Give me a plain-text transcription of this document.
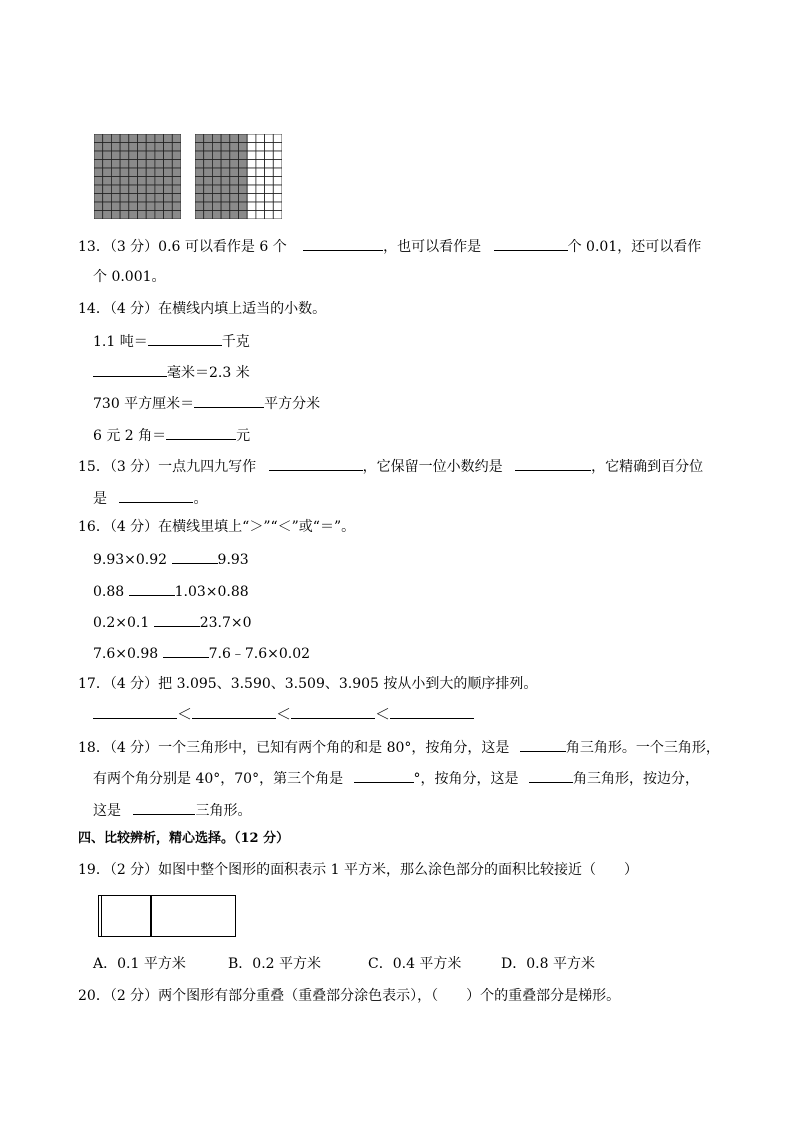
13．（3 分）0.6 可以看作是 6 个	，也可以看作是	个 0.01，还可以看作
个 0.001。
14．（4 分）在横线内填上适当的小数。
1.1 吨＝	千克
毫米＝2.3 米
730 平方厘米＝	平方分米
6 元 2 角＝	元
15．（3 分）一点九四九写作	，它保留一位小数约是	，它精确到百分位
是	。
16．（4 分）在横线里填上“＞”“＜”或“＝”。
9.93×0.92	9.93
0.88	1.03×0.88
0.2×0.1	23.7×0
7.6×0.98	7.6﹣7.6×0.02
17．（4 分）把 3.095、3.590、3.509、3.905 按从小到大的顺序排列。
＜	＜	＜
18．（4 分）一个三角形中，已知有两个角的和是 80°，按角分，这是	角三角形。一个三角形，
有两个角分别是 40°，70°，第三个角是	°，按角分，这是	角三角形，按边分，
这是	三角形。
四、比较辨析，精心选择。（12 分）
19．（2 分）如图中整个图形的面积表示 1 平方米，那么涂色部分的面积比较接近（　　）
A．0.1 平方米	B．0.2 平方米	C．0.4 平方米	D．0.8 平方米
20．（2 分）两个图形有部分重叠（重叠部分涂色表示），（　　）个的重叠部分是梯形。
